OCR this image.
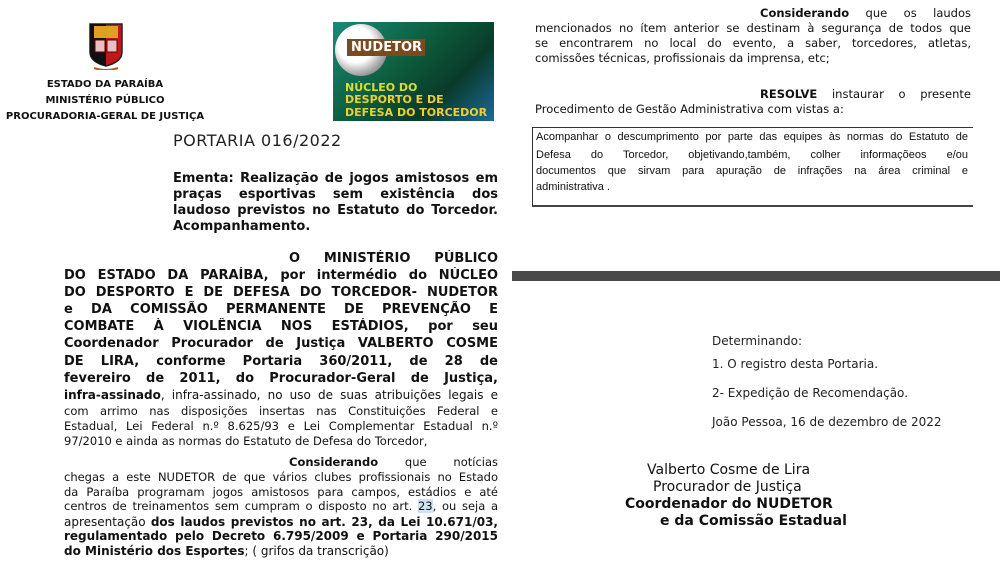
ESTADO DA PARAÍBA
MINISTÉRIO PÚBLICO
PROCURADORIA-GERAL DE JUSTIÇA
NUDETOR
NÚCLEO DO
DESPORTO E DE
DEFESA DO TORCEDOR
PORTARIA 016/2022
Determinando:
1. O registro desta Portaria.
2- Expedição de Recomendação.
João Pessoa, 16 de dezembro de 2022
Valberto Cosme de Lira
Procurador de Justiça
Coordenador do NUDETOR
e da Comissão Estadual
Ementa: Realização de jogos amistosos em
praças esportivas sem existência dos
laudoso previstos no Estatuto do Torcedor.
Acompanhamento.
O MINISTÉRIO PÚBLICO
DO ESTADO DA PARAÍBA, por intermédio do NÚCLEO
DO DESPORTO E DE DEFESA DO TORCEDOR- NUDETOR
e DA COMISSÃO PERMANENTE DE PREVENÇÃO E
COMBATE À VIOLÊNCIA NOS ESTÁDIOS, por seu
Coordenador Procurador de Justiça VALBERTO COSME
DE LIRA, conforme Portaria 360/2011, de 28 de
fevereiro de 2011, do Procurador-Geral de Justiça,
infra-assinado, infra-assinado, no uso de suas atribuições legais e
com arrimo nas disposições insertas nas Constituições Federal e
Estadual, Lei Federal n.º 8.625/93 e Lei Complementar Estadual n.º
97/2010 e ainda as normas do Estatuto de Defesa do Torcedor,
Considerando que notícias
chegas a este NUDETOR de que vários clubes profissionais no Estado
da Paraíba programam jogos amistosos para campos, estádios e até
centros de treinamentos sem cumpram o disposto no art. 23, ou seja a
apresentação dos laudos previstos no art. 23, da Lei 10.671/03,
regulamentado pelo Decreto 6.795/2009 e Portaria 290/2015
do Ministério dos Esportes; ( grifos da transcrição)
Considerando que os laudos
mencionados no ítem anterior se destinam à segurança de todos que
se encontrarem no local do evento, a saber, torcedores, atletas,
comissões técnicas, profissionais da imprensa, etc;
RESOLVE instaurar o presente
Procedimento de Gestão Administrativa com vistas a:
Acompanhar o descumprimento por parte das equipes às normas do Estatuto de
Defesa do Torcedor, objetivando,também, colher informaçõeos e/ou
documentos que sirvam para apuração de infrações na área criminal e
administrativa .
